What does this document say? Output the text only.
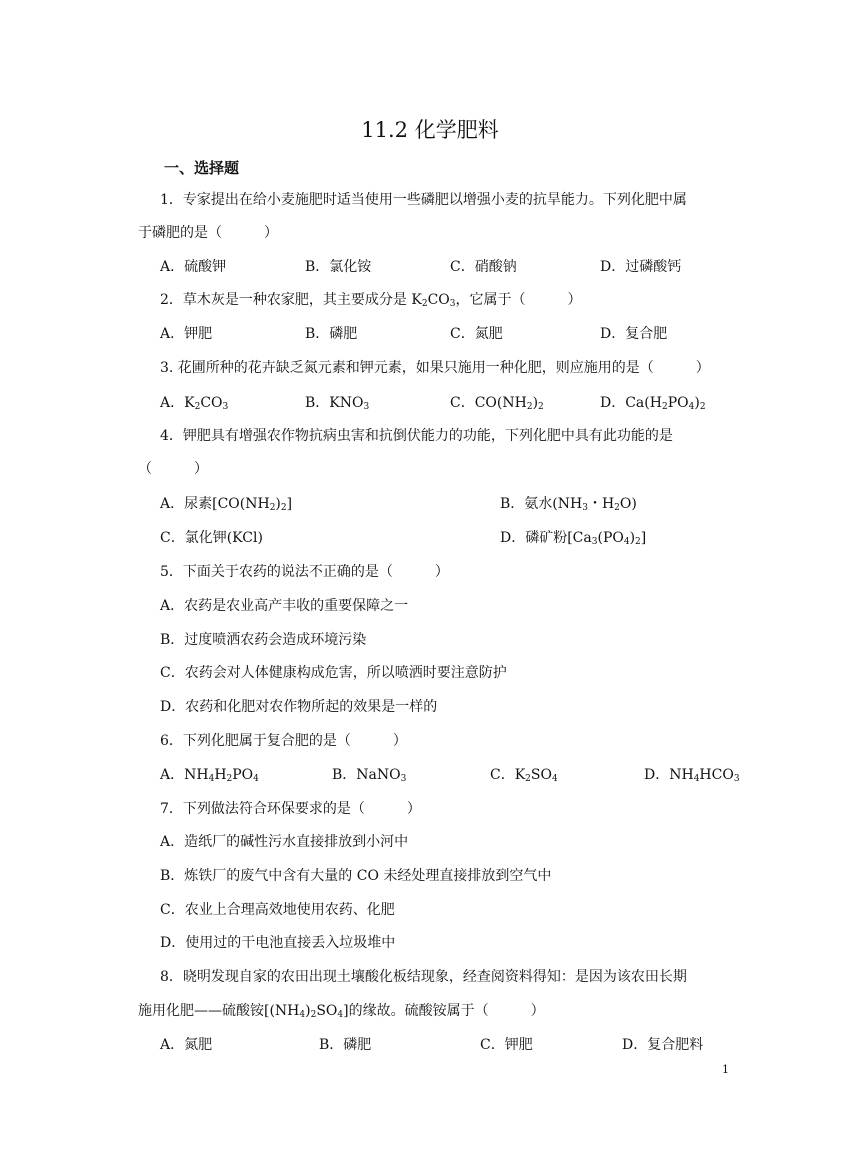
11.2 化学肥料
一、选择题
1．专家提出在给小麦施肥时适当使用一些磷肥以增强小麦的抗旱能力。下列化肥中属
于磷肥的是（　　　）
A．硫酸钾	B．氯化铵	C．硝酸钠	D．过磷酸钙
2．草木灰是一种农家肥，其主要成分是 $K_2CO_3$，它属于（　　　）
A．钾肥	B．磷肥	C．氮肥	D．复合肥
3. 花圃所种的花卉缺乏氮元素和钾元素，如果只施用一种化肥，则应施用的是（　　　）
A．$K_2CO_3$	B．$KNO_3$	C．$CO(NH_2)_2$	D．$Ca(H_2PO_4)_2$
4．钾肥具有增强农作物抗病虫害和抗倒伏能力的功能，下列化肥中具有此功能的是
（　　　）
A．尿素$[CO(NH_2)_2]$	B．氨水($NH_3$・$H_2O$)
C．氯化钾(KCl)	D．磷矿粉$[Ca_3(PO_4)_2]$
5．下面关于农药的说法不正确的是（　　　）
A．农药是农业高产丰收的重要保障之一
B．过度喷洒农药会造成环境污染
C．农药会对人体健康构成危害，所以喷洒时要注意防护
D．农药和化肥对农作物所起的效果是一样的
6．下列化肥属于复合肥的是（　　　）
A．$NH_4H_2PO_4$	B．NaNO$_3$	C．$K_2SO_4$	D．$NH_4HCO_3$
7．下列做法符合环保要求的是（　　　）
A．造纸厂的碱性污水直接排放到小河中
B．炼铁厂的废气中含有大量的 CO 未经处理直接排放到空气中
C．农业上合理高效地使用农药、化肥
D．使用过的干电池直接丢入垃圾堆中
8．晓明发现自家的农田出现土壤酸化板结现象，经查阅资料得知：是因为该农田长期
施用化肥——硫酸铵$[(NH_4)_2SO_4]$的缘故。硫酸铵属于（　　　）
A．氮肥	B．磷肥	C．钾肥	D．复合肥料
1
